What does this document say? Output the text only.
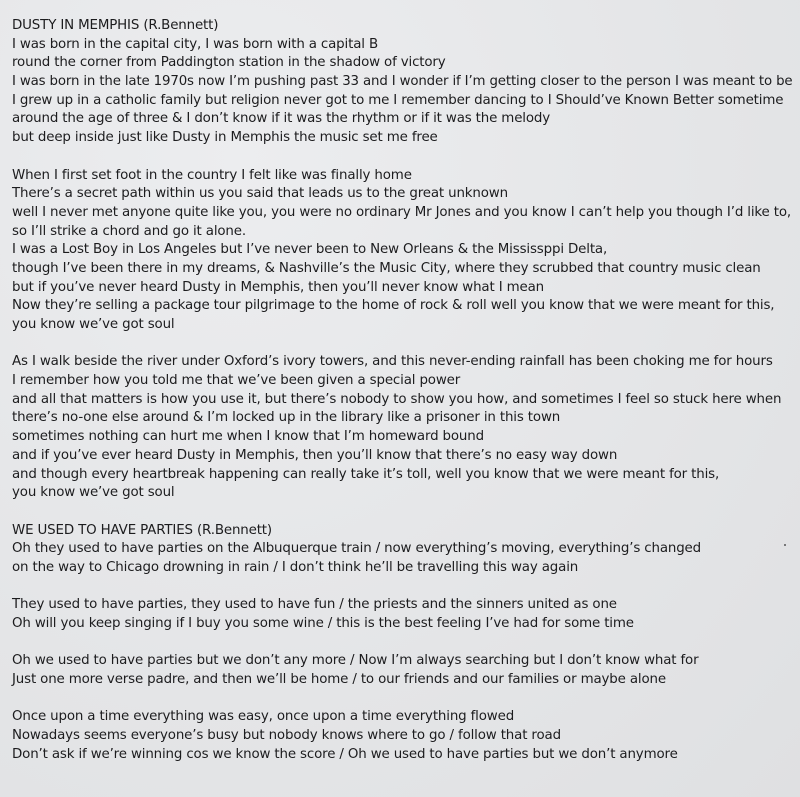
DUSTY IN MEMPHIS (R.Bennett)
I was born in the capital city, I was born with a capital B
round the corner from Paddington station in the shadow of victory
I was born in the late 1970s now I’m pushing past 33 and I wonder if I’m getting closer to the person I was meant to be
I grew up in a catholic family but religion never got to me I remember dancing to I Should’ve Known Better sometime
around the age of three & I don’t know if it was the rhythm or if it was the melody
but deep inside just like Dusty in Memphis the music set me free
When I first set foot in the country I felt like was finally home
There’s a secret path within us you said that leads us to the great unknown
well I never met anyone quite like you, you were no ordinary Mr Jones and you know I can’t help you though I’d like to,
so I’ll strike a chord and go it alone.
I was a Lost Boy in Los Angeles but I’ve never been to New Orleans & the Mississppi Delta,
though I’ve been there in my dreams, & Nashville’s the Music City, where they scrubbed that country music clean
but if you’ve never heard Dusty in Memphis, then you’ll never know what I mean
Now they’re selling a package tour pilgrimage to the home of rock & roll well you know that we were meant for this,
you know we’ve got soul
As I walk beside the river under Oxford’s ivory towers, and this never-ending rainfall has been choking me for hours
I remember how you told me that we’ve been given a special power
and all that matters is how you use it, but there’s nobody to show you how, and sometimes I feel so stuck here when
there’s no-one else around & I’m locked up in the library like a prisoner in this town
sometimes nothing can hurt me when I know that I’m homeward bound
and if you’ve ever heard Dusty in Memphis, then you’ll know that there’s no easy way down
and though every heartbreak happening can really take it’s toll, well you know that we were meant for this,
you know we’ve got soul
WE USED TO HAVE PARTIES (R.Bennett)
Oh they used to have parties on the Albuquerque train / now everything’s moving, everything’s changed
on the way to Chicago drowning in rain / I don’t think he’ll be travelling this way again
They used to have parties, they used to have fun / the priests and the sinners united as one
Oh will you keep singing if I buy you some wine / this is the best feeling I’ve had for some time
Oh we used to have parties but we don’t any more / Now I’m always searching but I don’t know what for
Just one more verse padre, and then we’ll be home / to our friends and our families or maybe alone
Once upon a time everything was easy, once upon a time everything flowed
Nowadays seems everyone’s busy but nobody knows where to go / follow that road
Don’t ask if we’re winning cos we know the score / Oh we used to have parties but we don’t anymore
